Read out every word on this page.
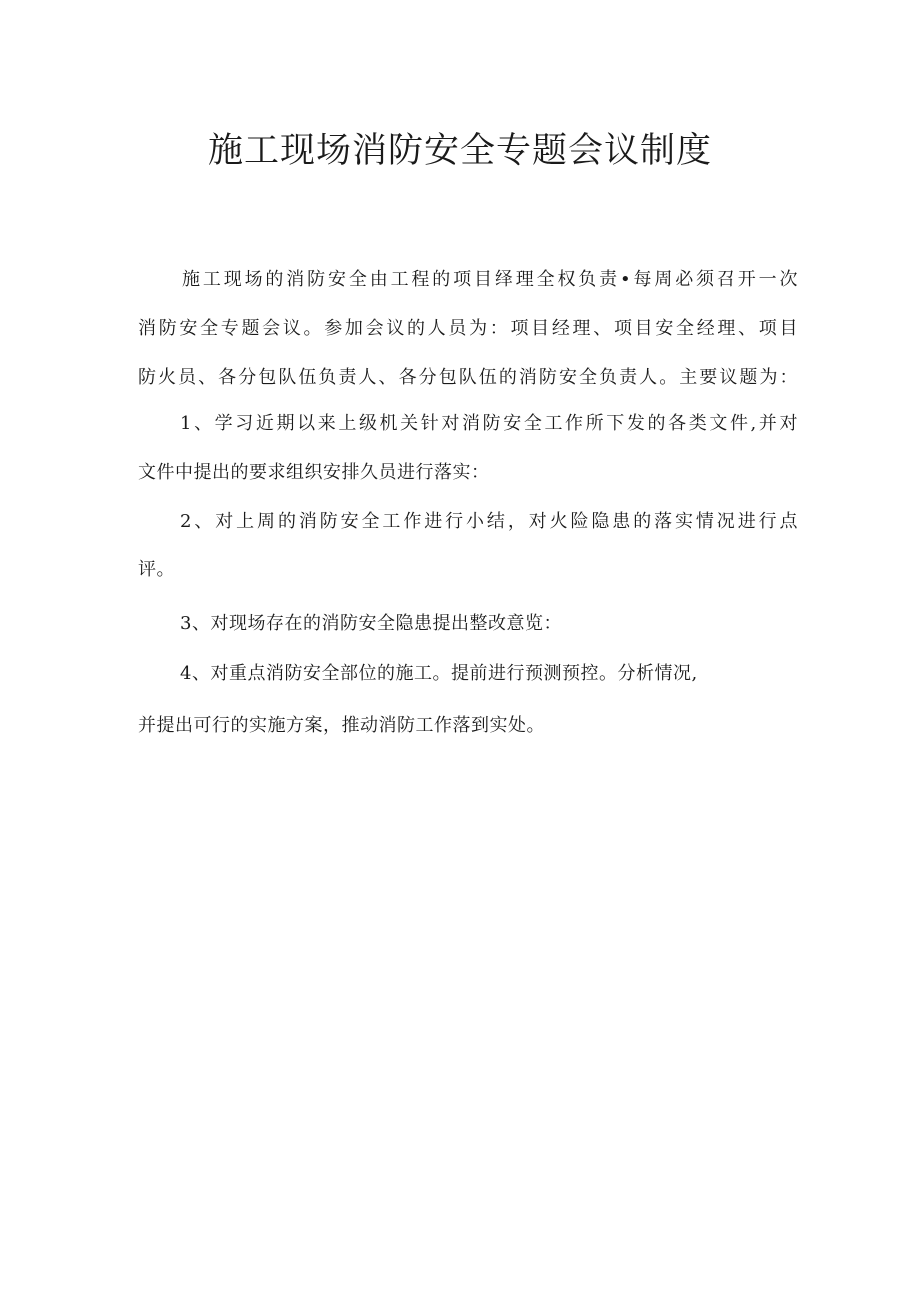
施工现场消防安全专题会议制度
施工现场的消防安全由工程的项目绎理全权负责•每周必须召开一次
消防安全专题会议。参加会议的人员为：项目经理、项目安全经理、项目
防火员、各分包队伍负责人、各分包队伍的消防安全负责人。主要议题为：
1、学习近期以来上级机关针对消防安全工作所下发的各类文件,并对
文件中提出的要求组织安排久员进行落实：
2、对上周的消防安全工作进行小结，对火险隐患的落实情况进行点
评。
3、对现场存在的消防安全隐患提出整改意览：
4、对重点消防安全部位的施工。提前进行预测预控。分析情况,
并提出可行的实施方案，推动消防工作落到实处。
